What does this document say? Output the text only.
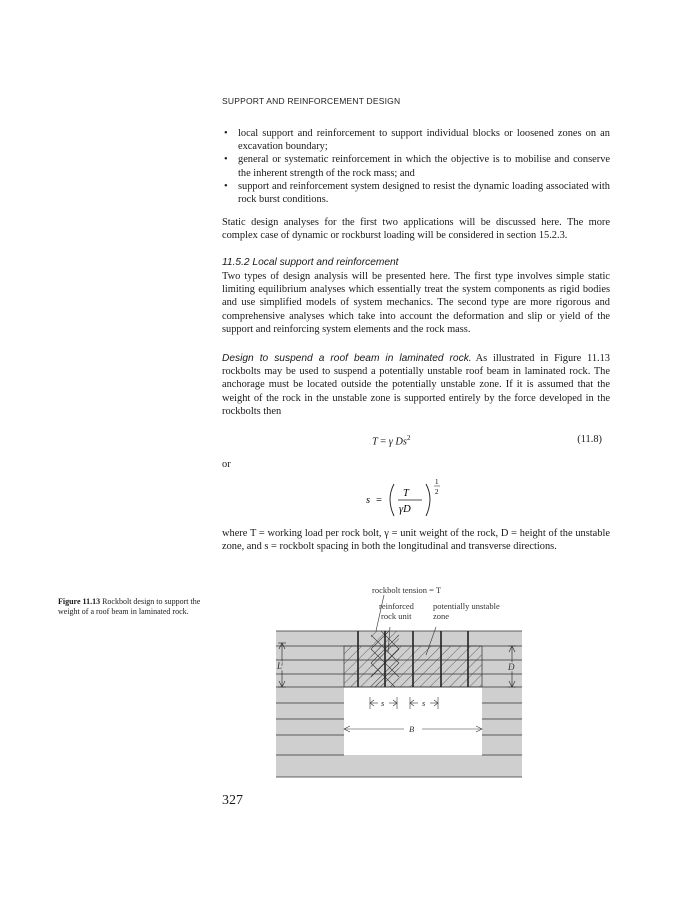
SUPPORT AND REINFORCEMENT DESIGN
• local support and reinforcement to support individual blocks or loosened zones on an excavation boundary;
• general or systematic reinforcement in which the objective is to mobilise and conserve the inherent strength of the rock mass; and
• support and reinforcement system designed to resist the dynamic loading associated with rock burst conditions.
Static design analyses for the first two applications will be discussed here. The more complex case of dynamic or rockburst loading will be considered in section 15.2.3.
11.5.2 Local support and reinforcement
Two types of design analysis will be presented here. The first type involves simple static limiting equilibrium analyses which essentially treat the system components as rigid bodies and use simplified models of system mechanics. The second type are more rigorous and comprehensive analyses which take into account the deformation and slip or yield of the support and reinforcing system elements and the rock mass.
Design to suspend a roof beam in laminated rock. As illustrated in Figure 11.13 rockbolts may be used to suspend a potentially unstable roof beam in laminated rock. The anchorage must be located outside the potentially unstable zone. If it is assumed that the weight of the rock in the unstable zone is supported entirely by the force developed in the rockbolts then
T = γ Ds$^2$	(11.8)
or
s =
T
γD
1
2
where T = working load per rock bolt, γ = unit weight of the rock, D = height of the unstable zone, and s = rockbolt spacing in both the longitudinal and transverse directions.
Figure 11.13 Rockbolt design to support the weight of a roof beam in laminated rock.
rockbolt tension = T
reinforced
rock unit
potentially unstable
zone
L	D
s	s
B
327
